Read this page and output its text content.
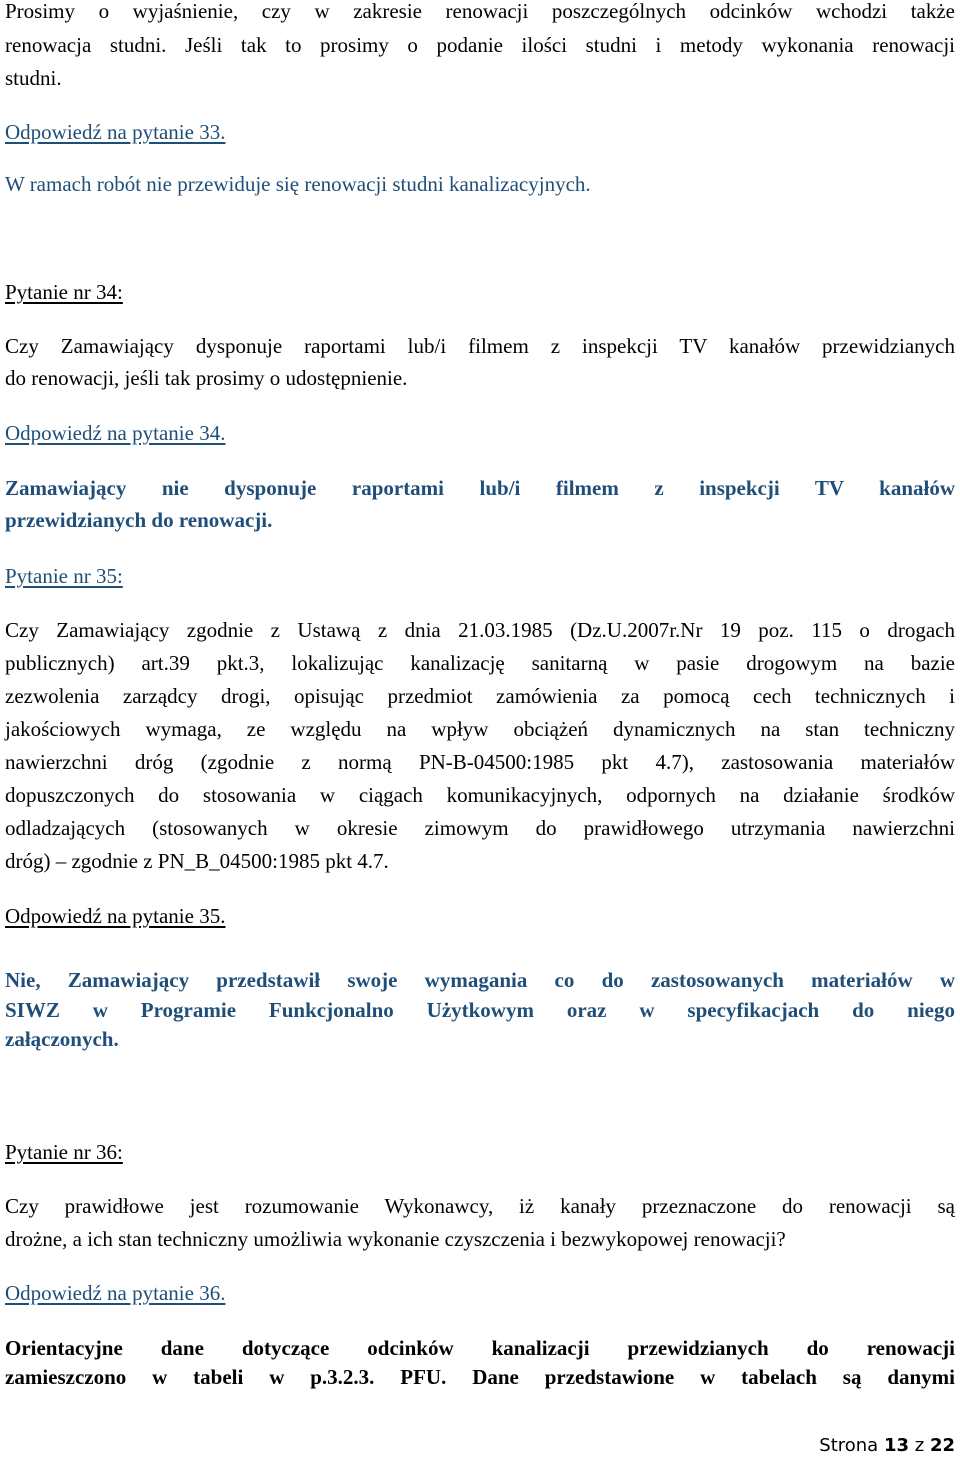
Prosimy o wyjaśnienie, czy w zakresie renowacji poszczególnych odcinków wchodzi także
renowacja studni. Jeśli tak to prosimy o podanie ilości studni i metody wykonania renowacji
studni.
Odpowiedź na pytanie 33.
W ramach robót nie przewiduje się renowacji studni kanalizacyjnych.
Pytanie nr 34:
Czy Zamawiający dysponuje raportami lub/i filmem z inspekcji TV kanałów przewidzianych
do renowacji, jeśli tak prosimy o udostępnienie.
Odpowiedź na pytanie 34.
Zamawiający nie dysponuje raportami lub/i filmem z inspekcji TV kanałów
przewidzianych do renowacji.
Pytanie nr 35:
Czy Zamawiający zgodnie z Ustawą z dnia 21.03.1985 (Dz.U.2007r.Nr 19 poz. 115 o drogach
publicznych) art.39 pkt.3, lokalizując kanalizację sanitarną w pasie drogowym na bazie
zezwolenia zarządcy drogi, opisując przedmiot zamówienia za pomocą cech technicznych i
jakościowych wymaga, ze względu na wpływ obciążeń dynamicznych na stan techniczny
nawierzchni dróg (zgodnie z normą PN-B-04500:1985 pkt 4.7), zastosowania materiałów
dopuszczonych do stosowania w ciągach komunikacyjnych, odpornych na działanie środków
odladzających (stosowanych w okresie zimowym do prawidłowego utrzymania nawierzchni
dróg) – zgodnie z PN_B_04500:1985 pkt 4.7.
Odpowiedź na pytanie 35.
Nie, Zamawiający przedstawił swoje wymagania co do zastosowanych materiałów w
SIWZ w Programie Funkcjonalno Użytkowym oraz w specyfikacjach do niego
załączonych.
Pytanie nr 36:
Czy prawidłowe jest rozumowanie Wykonawcy, iż kanały przeznaczone do renowacji są
drożne, a ich stan techniczny umożliwia wykonanie czyszczenia i bezwykopowej renowacji?
Odpowiedź na pytanie 36.
Orientacyjne dane dotyczące odcinków kanalizacji przewidzianych do renowacji
zamieszczono w tabeli w p.3.2.3. PFU. Dane przedstawione w tabelach są danymi
Strona 13 z 22
